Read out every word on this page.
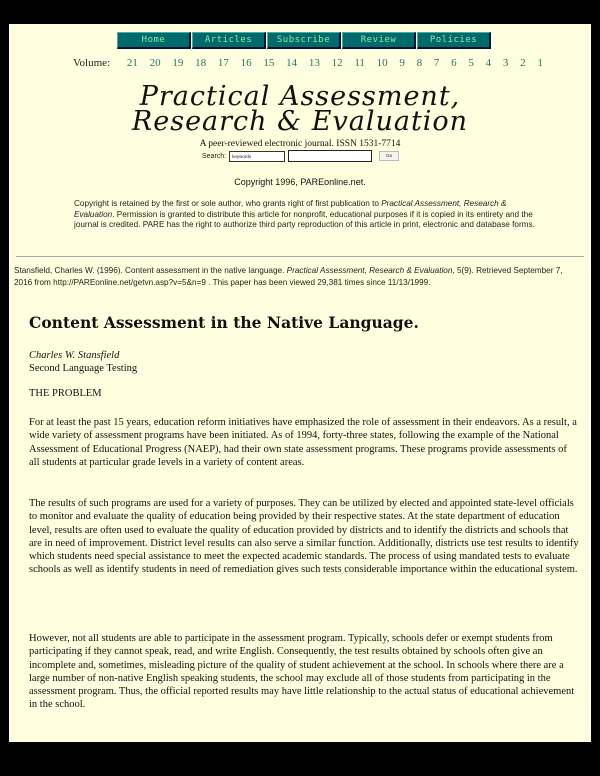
Home	Articles	Subscribe	Review	Policies
Volume: 21 20 19 18 17 16 15 14 13 12 11 10 9 8 7 6 5 4 3 2 1
Practical Assessment,
Research & Evaluation
A peer-reviewed electronic journal. ISSN 1531-7714
Search:	keywords	Go
Copyright 1996, PAREonline.net.
Copyright is retained by the first or sole author, who grants right of first publication to Practical Assessment, Research & Evaluation. Permission is granted to distribute this article for nonprofit, educational purposes if it is copied in its entirety and the journal is credited. PARE has the right to authorize third party reproduction of this article in print, electronic and database forms.
Stansfield, Charles W. (1996). Content assessment in the native language. Practical Assessment, Research & Evaluation, 5(9). Retrieved September 7, 2016 from http://PAREonline.net/getvn.asp?v=5&n=9 . This paper has been viewed 29,381 times since 11/13/1999.
Content Assessment in the Native Language.
Charles W. Stansfield
Second Language Testing
THE PROBLEM
For at least the past 15 years, education reform initiatives have emphasized the role of assessment in their endeavors. As a result, a wide variety of assessment programs have been initiated. As of 1994, forty-three states, following the example of the National Assessment of Educational Progress (NAEP), had their own state assessment programs. These programs provide assessments of all students at particular grade levels in a variety of content areas.
The results of such programs are used for a variety of purposes. They can be utilized by elected and appointed state-level officials to monitor and evaluate the quality of education being provided by their respective states. At the state department of education level, results are often used to evaluate the quality of education provided by districts and to identify the districts and schools that are in need of improvement. District level results can also serve a similar function. Additionally, districts use test results to identify which students need special assistance to meet the expected academic standards. The process of using mandated tests to evaluate schools as well as identify students in need of remediation gives such tests considerable importance within the educational system.
However, not all students are able to participate in the assessment program. Typically, schools defer or exempt students from participating if they cannot speak, read, and write English. Consequently, the test results obtained by schools often give an incomplete and, sometimes, misleading picture of the quality of student achievement at the school. In schools where there are a large number of non-native English speaking students, the school may exclude all of those students from participating in the assessment program. Thus, the official reported results may have little relationship to the actual status of educational achievement in the school.
